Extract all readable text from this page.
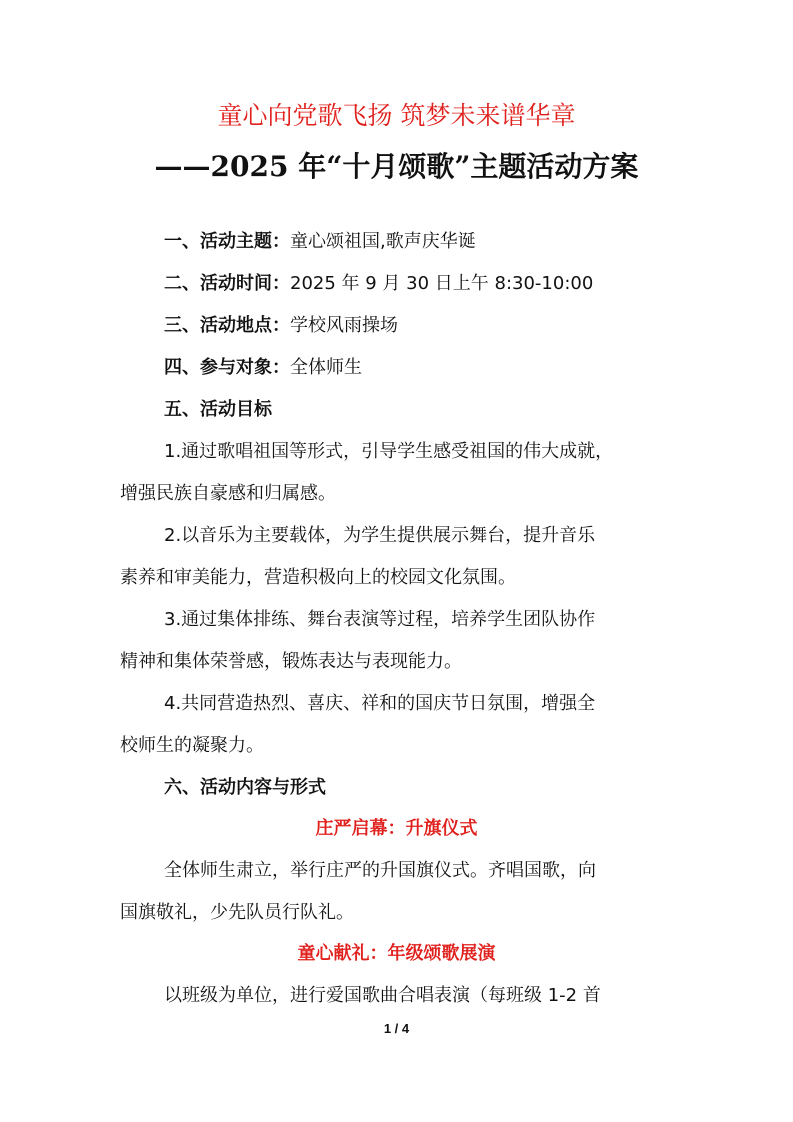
童心向党歌飞扬 筑梦未来谱华章
——2025 年“十月颂歌”主题活动方案
一、活动主题：童心颂祖国,歌声庆华诞
二、活动时间：2025 年 9 月 30 日上午 8:30-10:00
三、活动地点：学校风雨操场
四、参与对象：全体师生
五、活动目标
1.通过歌唱祖国等形式，引导学生感受祖国的伟大成就，
增强民族自豪感和归属感。
2.以音乐为主要载体，为学生提供展示舞台，提升音乐
素养和审美能力，营造积极向上的校园文化氛围。
3.通过集体排练、舞台表演等过程，培养学生团队协作
精神和集体荣誉感，锻炼表达与表现能力。
4.共同营造热烈、喜庆、祥和的国庆节日氛围，增强全
校师生的凝聚力。
六、活动内容与形式
庄严启幕：升旗仪式
全体师生肃立，举行庄严的升国旗仪式。齐唱国歌，向
国旗敬礼，少先队员行队礼。
童心献礼：年级颂歌展演
以班级为单位，进行爱国歌曲合唱表演（每班级 1-2 首
1 / 4
